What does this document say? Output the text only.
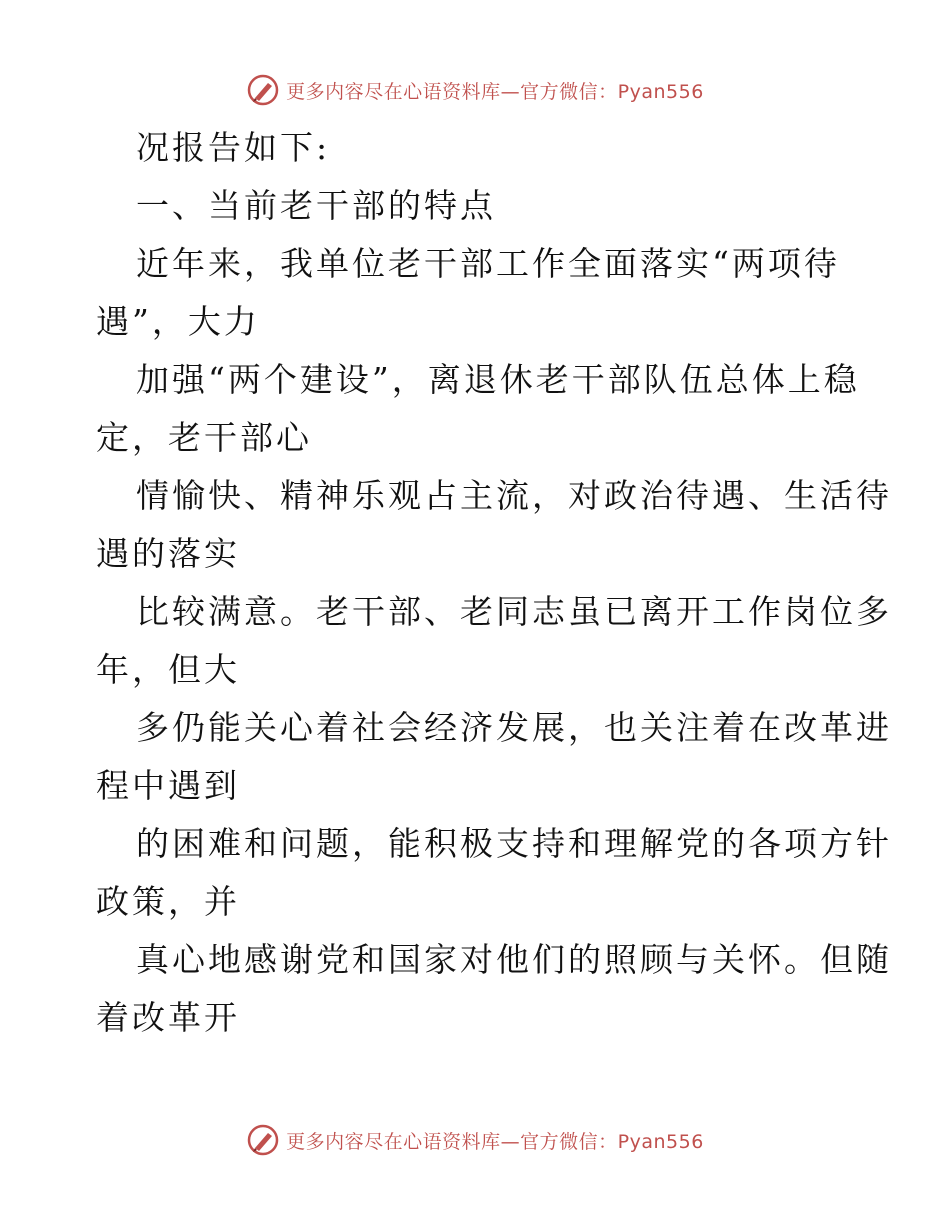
更多内容尽在心语资料库—官方微信：Pyan556
况报告如下:
一、当前老干部的特点
近年来，我单位老干部工作全面落实“两项待
遇”，大力
加强“两个建设”，离退休老干部队伍总体上稳
定，老干部心
情愉快、精神乐观占主流，对政治待遇、生活待
遇的落实
比较满意。老干部、老同志虽已离开工作岗位多
年，但大
多仍能关心着社会经济发展，也关注着在改革进
程中遇到
的困难和问题，能积极支持和理解党的各项方针
政策，并
真心地感谢党和国家对他们的照顾与关怀。但随
着改革开
更多内容尽在心语资料库—官方微信：Pyan556
